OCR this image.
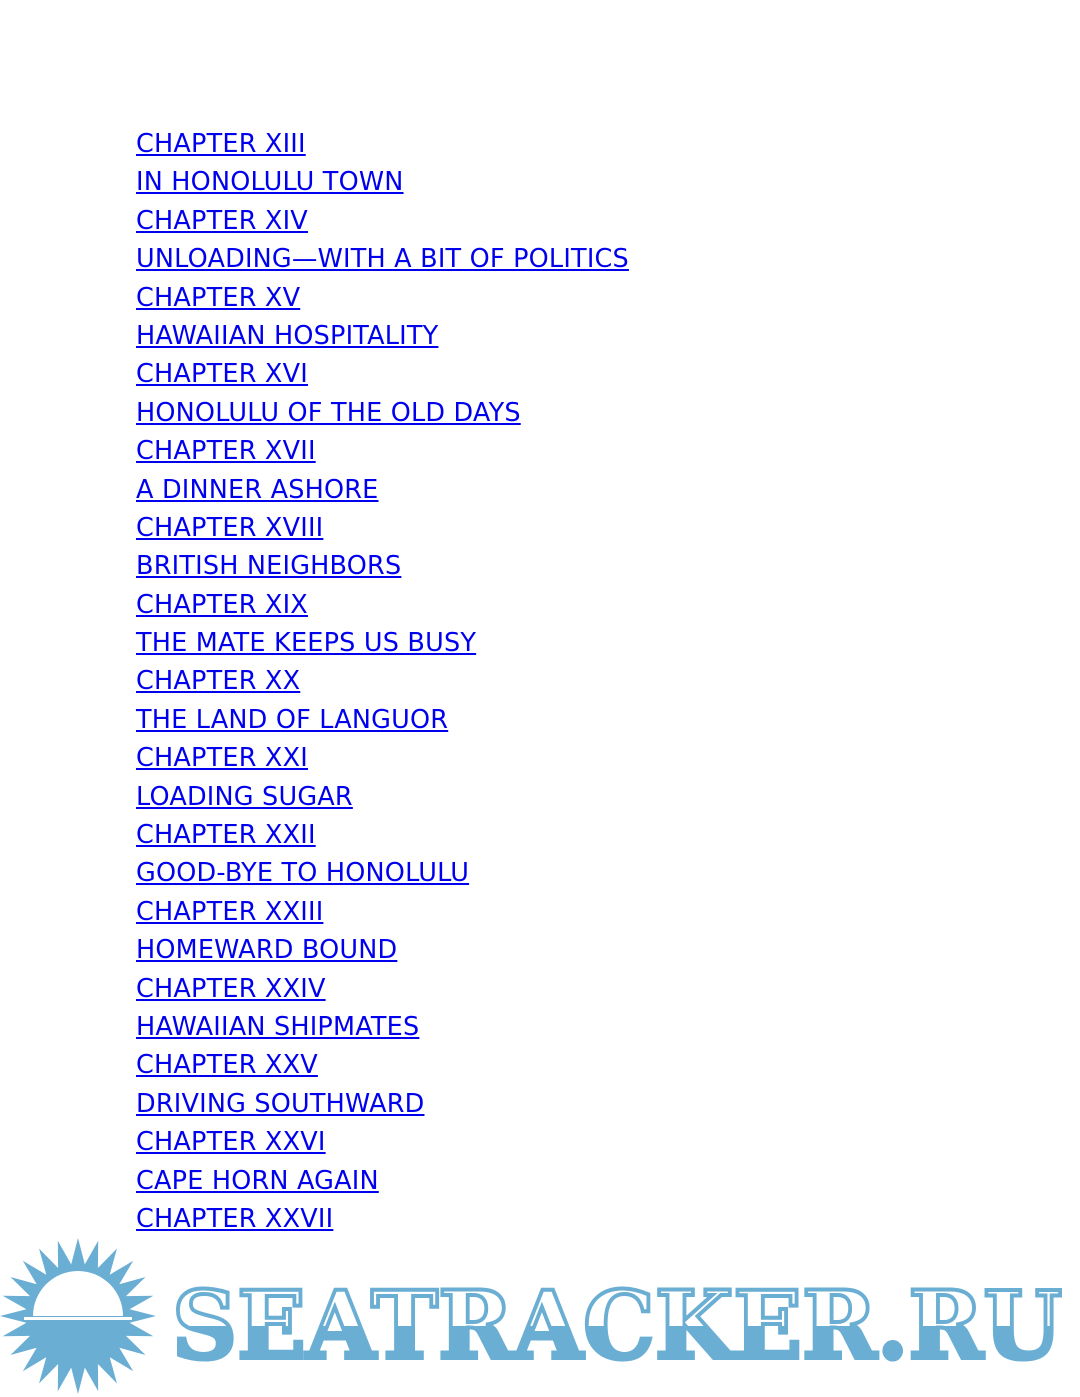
CHAPTER XIII
IN HONOLULU TOWN
CHAPTER XIV
UNLOADING—WITH A BIT OF POLITICS
CHAPTER XV
HAWAIIAN HOSPITALITY
CHAPTER XVI
HONOLULU OF THE OLD DAYS
CHAPTER XVII
A DINNER ASHORE
CHAPTER XVIII
BRITISH NEIGHBORS
CHAPTER XIX
THE MATE KEEPS US BUSY
CHAPTER XX
THE LAND OF LANGUOR
CHAPTER XXI
LOADING SUGAR
CHAPTER XXII
GOOD-BYE TO HONOLULU
CHAPTER XXIII
HOMEWARD BOUND
CHAPTER XXIV
HAWAIIAN SHIPMATES
CHAPTER XXV
DRIVING SOUTHWARD
CHAPTER XXVI
CAPE HORN AGAIN
CHAPTER XXVII
SEATRACKER.RU
